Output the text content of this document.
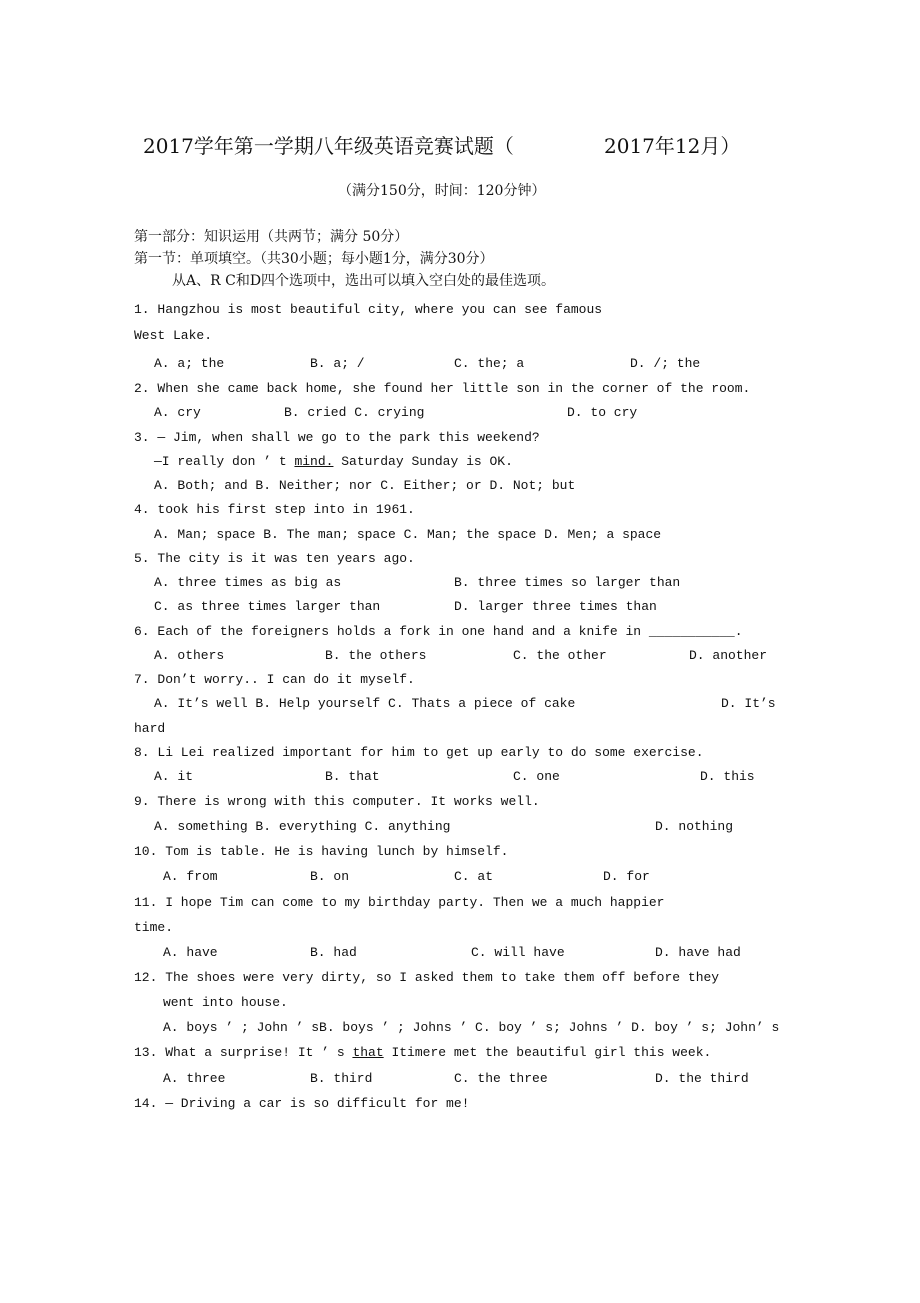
2017学年第一学期八年级英语竞赛试题（	2017年12月）
（满分150分，时间：120分钟）
第一部分：知识运用（共两节；满分 50分）
第一节：单项填空。（共30小题；每小题1分，满分30分）
从A、R C和D四个选项中，选出可以填入空白处的最佳选项。
1. Hangzhou is most beautiful city, where you can see famous
West Lake.
A. a; the	B. a; /	C. the; a	D. /; the
2. When she came back home, she found her little son in the corner of the room.
A. cry	B. cried C. crying	D. to cry
3. — Jim, when shall we go to the park this weekend?
—I really don ’ t mind. Saturday Sunday is OK.
A. Both; and B. Neither; nor C. Either; or D. Not; but
4. took his first step into in 1961.
A. Man; space B. The man; space C. Man; the space D. Men; a space
5. The city is it was ten years ago.
A. three times as big as	B. three times so larger than
C. as three times larger than	D. larger three times than
6. Each of the foreigners holds a fork in one hand and a knife in ___________.
A. others	B. the others	C. the other	D. another
7. Don’t worry.. I can do it myself.
A. It’s well B. Help yourself C. Thats a piece of cake	D. It’s
hard
8. Li Lei realized important for him to get up early to do some exercise.
A. it	B. that	C. one	D. this
9. There is wrong with this computer. It works well.
A. something B. everything C. anything	D. nothing
10. Tom is table. He is having lunch by himself.
A. from	B. on	C. at	D. for
11. I hope Tim can come to my birthday party. Then we a much happier
time.
A. have	B. had	C. will have	D. have had
12. The shoes were very dirty, so I asked them to take them off before they
went into house.
A. boys ’ ; John ’ sB. boys ’ ; Johns ’ C. boy ’ s; Johns ’ D. boy ’ s; John’ s
13. What a surprise! It ’ s that Itimere met the beautiful girl this week.
A. three	B. third	C. the three	D. the third
14. — Driving a car is so difficult for me!
